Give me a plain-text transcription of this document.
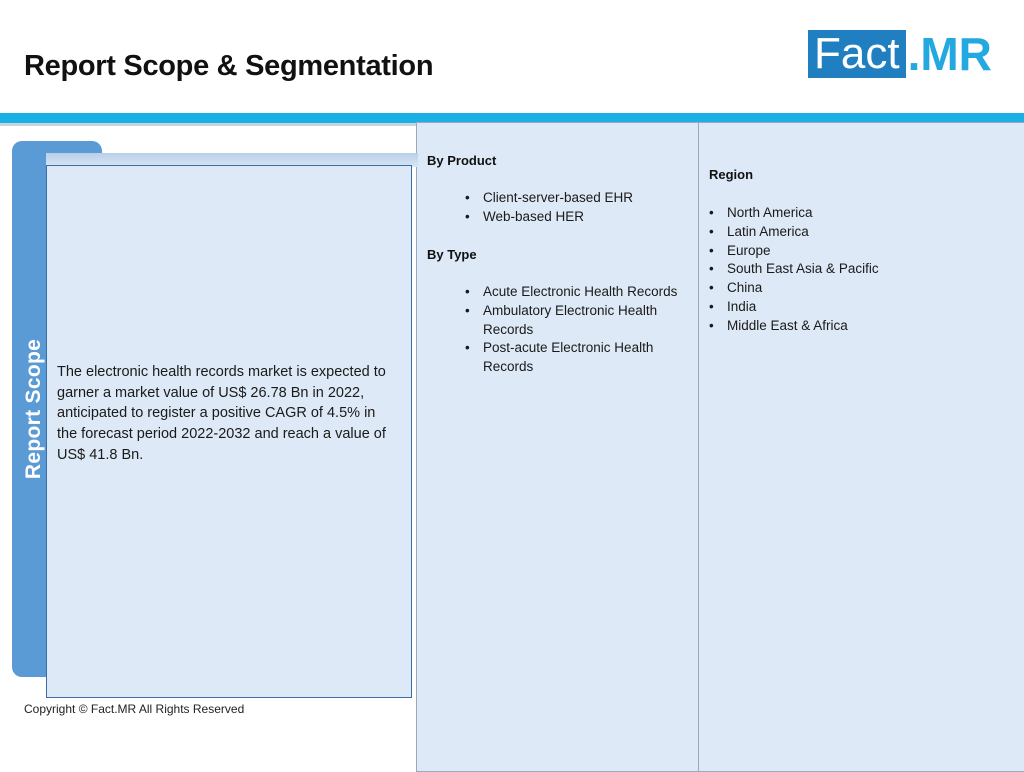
Report Scope & Segmentation	Fact .MR
By Product
• Client-server-based EHR
• Web-based HER
By Type
• Acute Electronic Health Records
• Ambulatory Electronic Health Records
• Post-acute Electronic Health Records
Region
• North America
• Latin America
• Europe
• South East Asia & Pacific
• China
• India
• Middle East & Africa
Report Scope The electronic health records market is expected to garner a market value of US$ 26.78 Bn in 2022, anticipated to register a positive CAGR of 4.5% in the forecast period 2022-2032 and reach a value of US$ 41.8 Bn.
Copyright © Fact.MR All Rights Reserved
